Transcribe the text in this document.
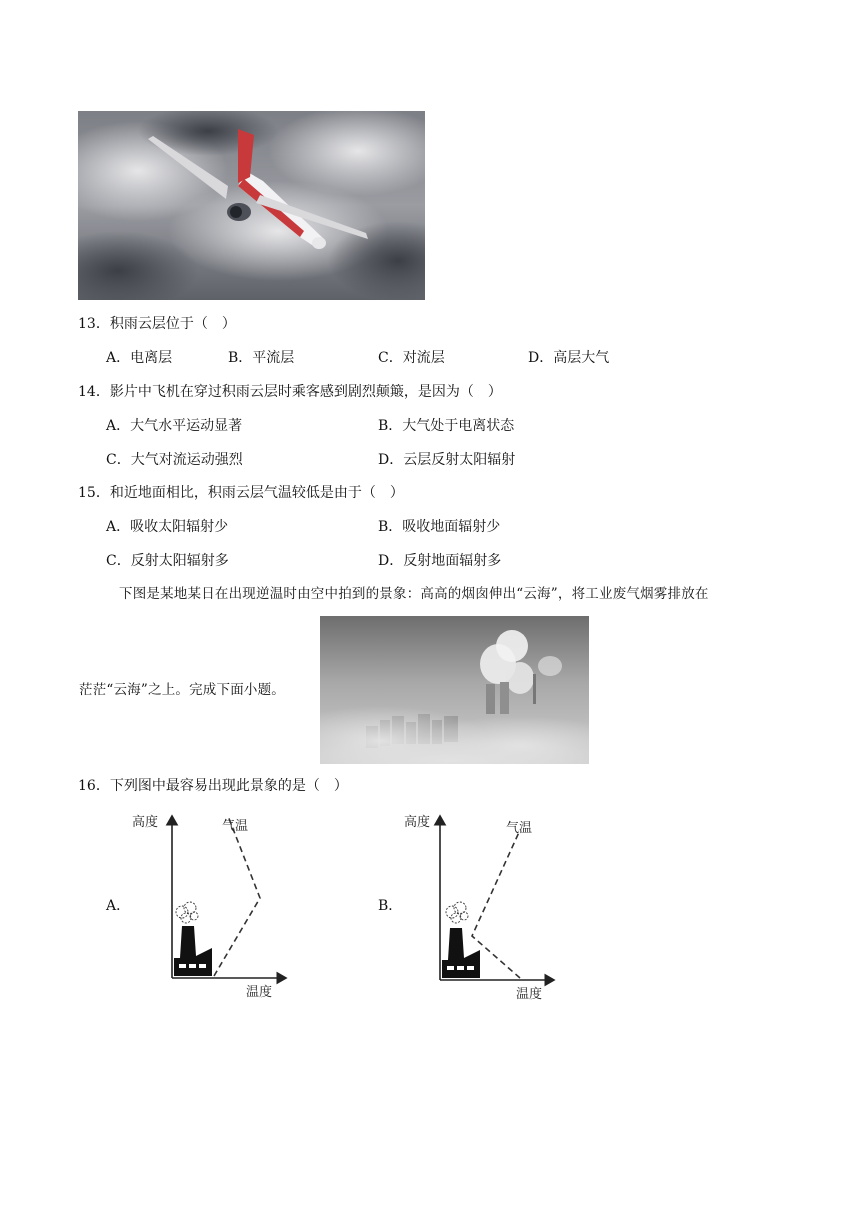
13．积雨云层位于（　）
A．电离层	B．平流层	C．对流层	D．高层大气
14．影片中飞机在穿过积雨云层时乘客感到剧烈颠簸，是因为（　）
A．大气水平运动显著	B．大气处于电离状态
C．大气对流运动强烈	D．云层反射太阳辐射
15．和近地面相比，积雨云层气温较低是由于（　）
A．吸收太阳辐射少	B．吸收地面辐射少
C．反射太阳辐射多	D．反射地面辐射多
下图是某地某日在出现逆温时由空中拍到的景象：高高的烟囱伸出“云海”，将工业废气烟雾排放在
茫茫“云海”之上。完成下面小题。
16．下列图中最容易出现此景象的是（　）
A．	B．
高度	气温
温度
高度	气温
温度
